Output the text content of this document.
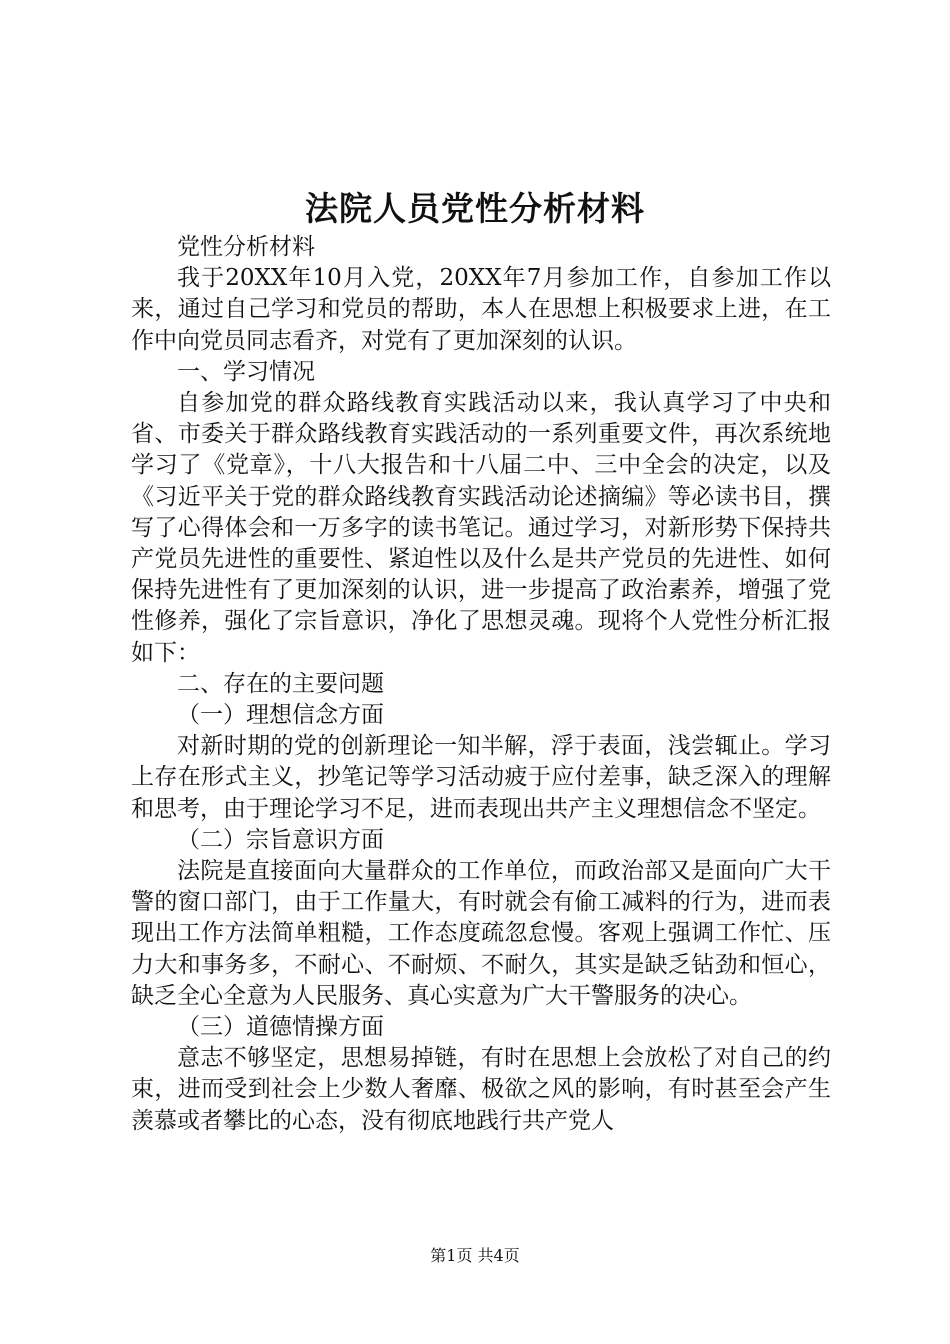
法院人员党性分析材料

党性分析材料

我于20XX年10月入党，20XX年7月参加工作，自参加工作以来，通过自己学习和党员的帮助，本人在思想上积极要求上进，在工作中向党员同志看齐，对党有了更加深刻的认识。

一、学习情况

自参加党的群众路线教育实践活动以来，我认真学习了中央和省、市委关于群众路线教育实践活动的一系列重要文件，再次系统地学习了《党章》，十八大报告和十八届二中、三中全会的决定，以及《习近平关于党的群众路线教育实践活动论述摘编》等必读书目，撰写了心得体会和一万多字的读书笔记。通过学习，对新形势下保持共产党员先进性的重要性、紧迫性以及什么是共产党员的先进性、如何保持先进性有了更加深刻的认识，进一步提高了政治素养，增强了党性修养，强化了宗旨意识，净化了思想灵魂。现将个人党性分析汇报如下：

二、存在的主要问题

（一）理想信念方面

对新时期的党的创新理论一知半解，浮于表面，浅尝辄止。学习上存在形式主义，抄笔记等学习活动疲于应付差事，缺乏深入的理解和思考，由于理论学习不足，进而表现出共产主义理想信念不坚定。

（二）宗旨意识方面

法院是直接面向大量群众的工作单位，而政治部又是面向广大干警的窗口部门，由于工作量大，有时就会有偷工减料的行为，进而表现出工作方法简单粗糙，工作态度疏忽怠慢。客观上强调工作忙、压力大和事务多，不耐心、不耐烦、不耐久，其实是缺乏钻劲和恒心，缺乏全心全意为人民服务、真心实意为广大干警服务的决心。

（三）道德情操方面

意志不够坚定，思想易掉链，有时在思想上会放松了对自己的约束，进而受到社会上少数人奢靡、极欲之风的影响，有时甚至会产生羡慕或者攀比的心态，没有彻底地践行共产党人

第1页 共4页
